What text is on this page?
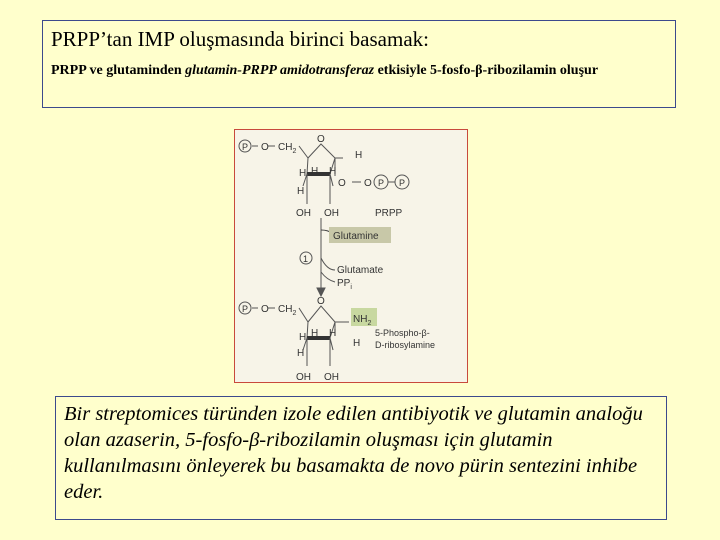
PRPP’tan IMP oluşmasında birinci basamak:

PRPP ve glutaminden glutamin-PRPP amidotransferaz etkisiyle 5-fosfo-β-ribozilamin oluşur

P O $CH_2$
O
H
H
H
H H
O O P P
OH OH	PRPP
Glutamine
1
Glutamate
$PP_i$
P O $CH_2$
O
$NH_2$
H
H
H H
H
OH OH
5-Phospho-β-
D-ribosylamine

Bir streptomices türünden izole edilen antibiyotik ve glutamin analoğu olan azaserin, 5-fosfo-β-ribozilamin oluşması için glutamin kullanılmasını önleyerek bu basamakta de novo pürin sentezini inhibe eder.
